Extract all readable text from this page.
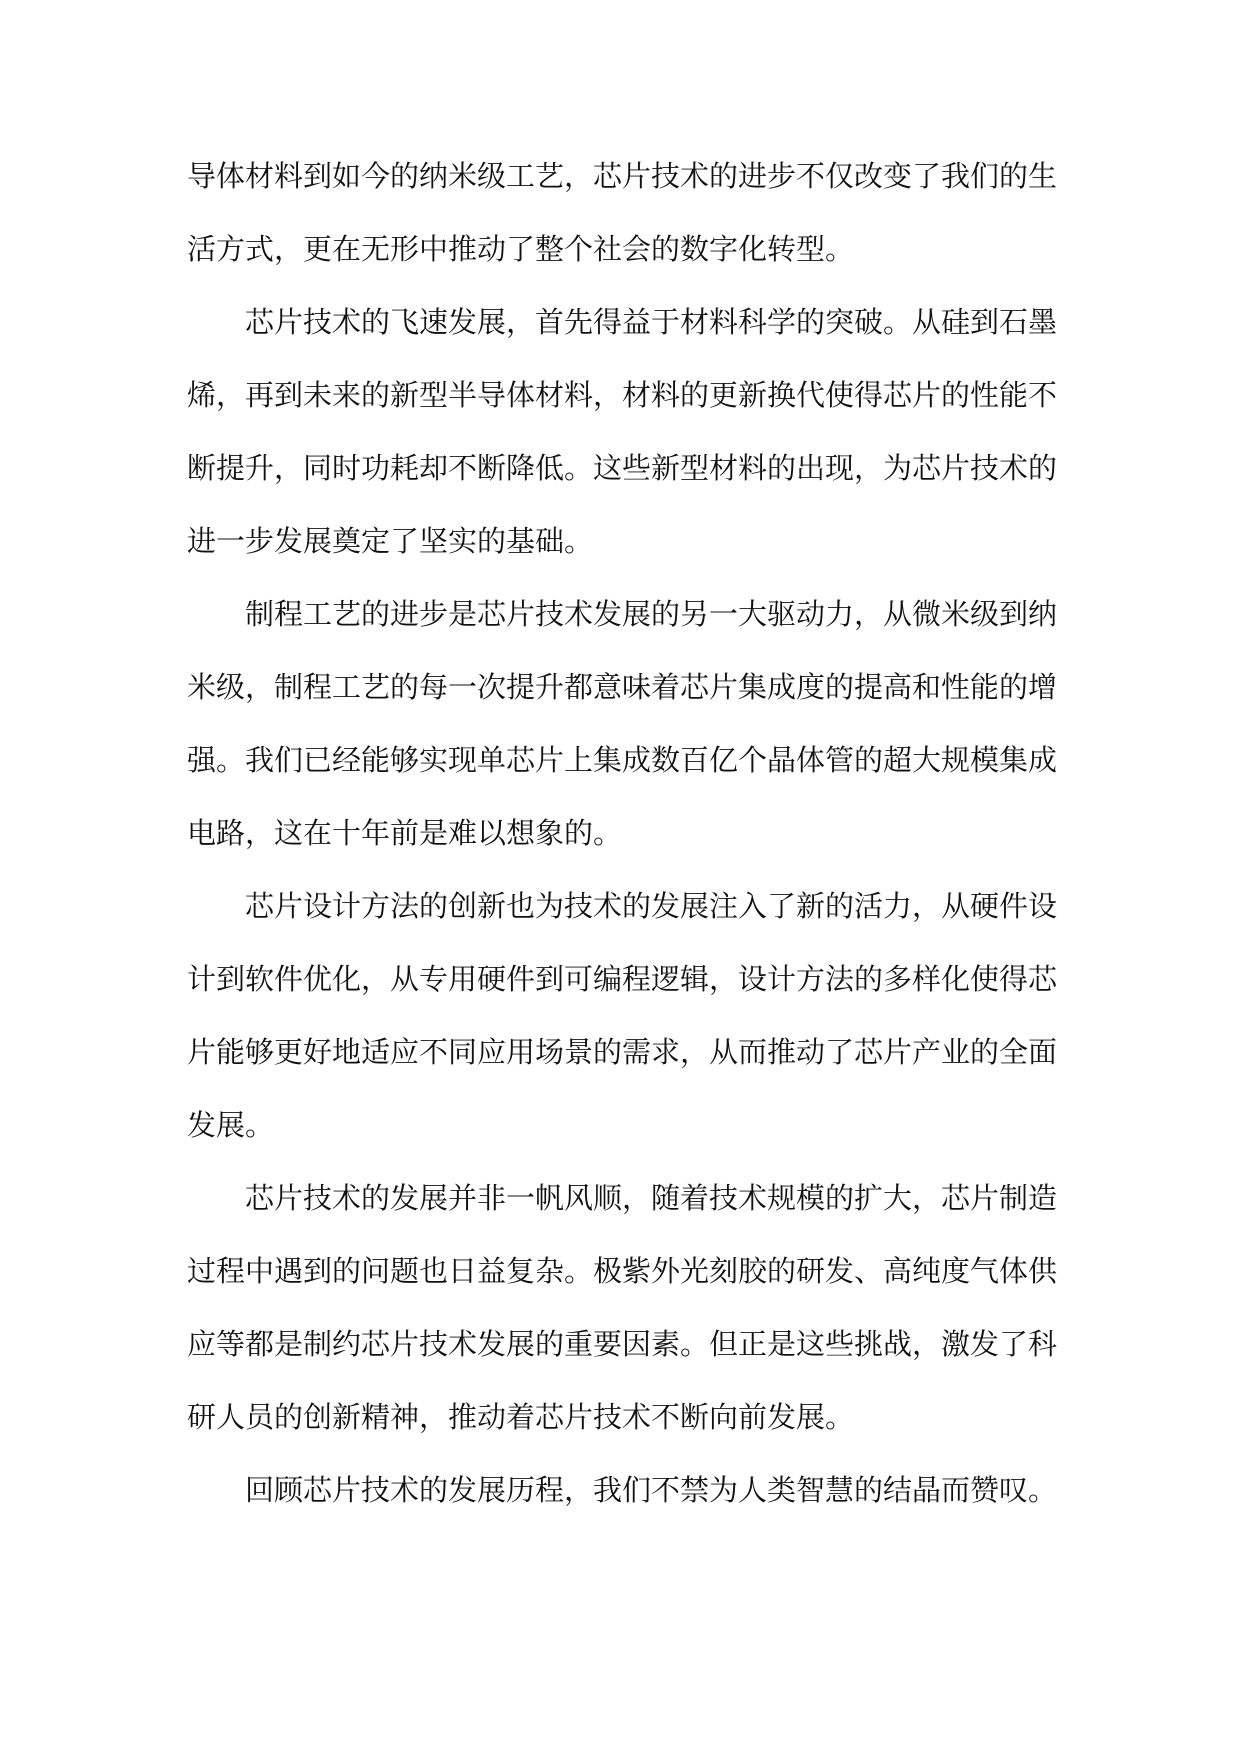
导体材料到如今的纳米级工艺，芯片技术的进步不仅改变了我们的生活方式，更在无形中推动了整个社会的数字化转型。

芯片技术的飞速发展，首先得益于材料科学的突破。从硅到石墨烯，再到未来的新型半导体材料，材料的更新换代使得芯片的性能不断提升，同时功耗却不断降低。这些新型材料的出现，为芯片技术的进一步发展奠定了坚实的基础。

制程工艺的进步是芯片技术发展的另一大驱动力，从微米级到纳米级，制程工艺的每一次提升都意味着芯片集成度的提高和性能的增强。我们已经能够实现单芯片上集成数百亿个晶体管的超大规模集成电路，这在十年前是难以想象的。

芯片设计方法的创新也为技术的发展注入了新的活力，从硬件设计到软件优化，从专用硬件到可编程逻辑，设计方法的多样化使得芯片能够更好地适应不同应用场景的需求，从而推动了芯片产业的全面发展。

芯片技术的发展并非一帆风顺，随着技术规模的扩大，芯片制造过程中遇到的问题也日益复杂。极紫外光刻胶的研发、高纯度气体供应等都是制约芯片技术发展的重要因素。但正是这些挑战，激发了科研人员的创新精神，推动着芯片技术不断向前发展。

回顾芯片技术的发展历程，我们不禁为人类智慧的结晶而赞叹。
